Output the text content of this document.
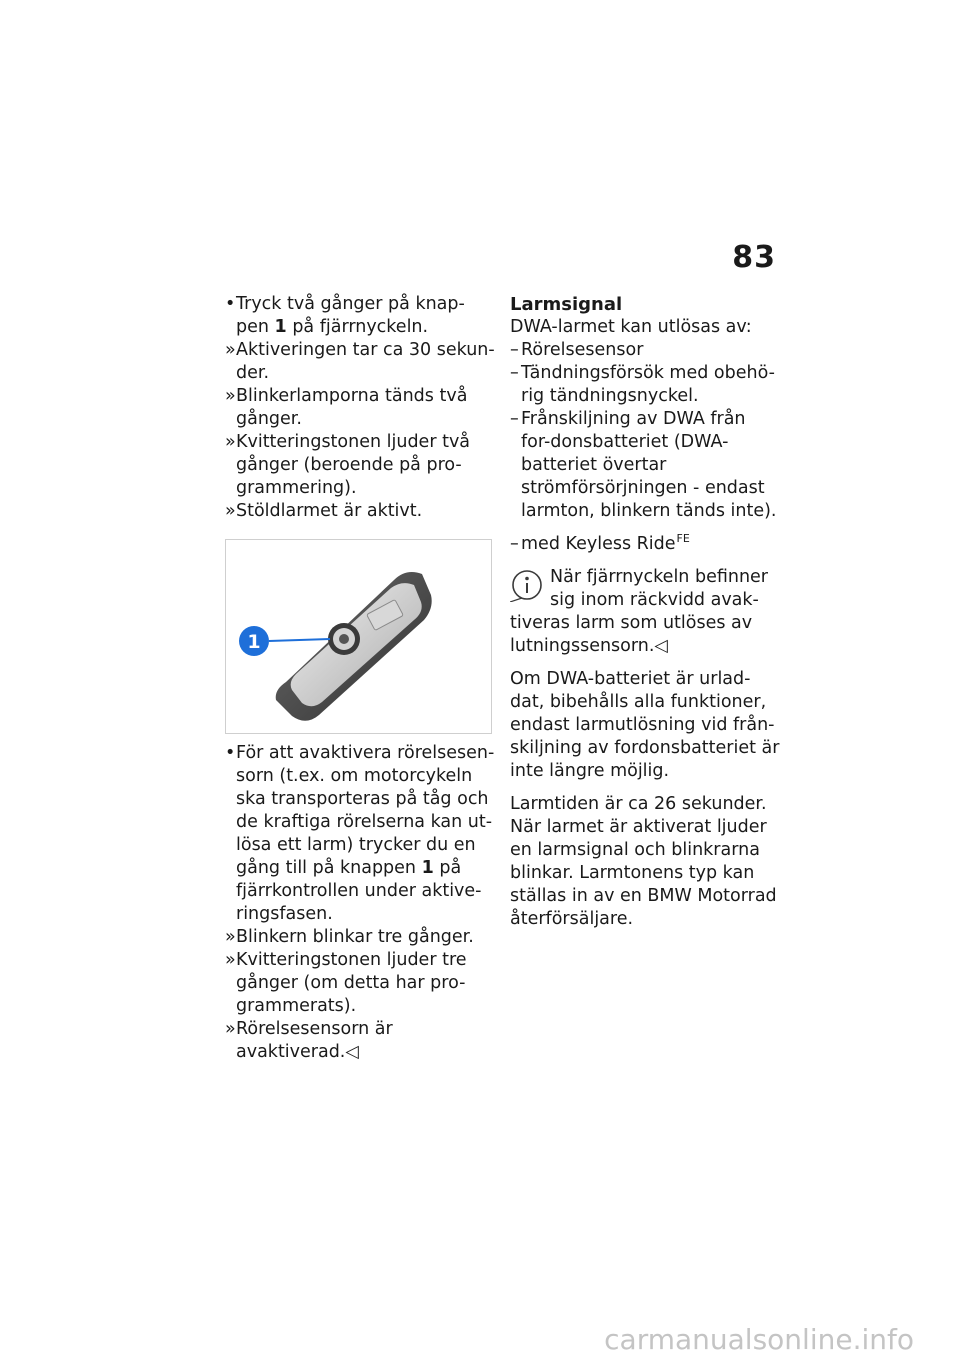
83
• Tryck två gånger på knap-
pen 1 på fjärrnyckeln.
» Aktiveringen tar ca 30 sekun-der.
» Blinkerlamporna tänds två gånger.
» Kvitteringstonen ljuder två gånger (beroende på pro-grammering).
» Stöldlarmet är aktivt.
1
• För att avaktivera rörelsesen-sorn (t.ex. om motorcykeln ska transporteras på tåg och de kraftiga rörelserna kan ut-lösa ett larm) trycker du en gång till på knappen 1 på fjärrkontrollen under aktive-ringsfasen.
» Blinkern blinkar tre gånger.
» Kvitteringstonen ljuder tre gånger (om detta har pro-grammerats).
» Rörelsesensorn är avaktiverad.◁
Larmsignal
DWA-larmet kan utlösas av:
– Rörelsesensor
– Tändningsförsök med obehö-rig tändningsnyckel.
– Frånskiljning av DWA från for-donsbatteriet (DWA-batteriet övertar strömförsörjningen - endast larmton, blinkern tänds inte).
– med Keyless Ride$^{FE}$
När fjärrnyckeln befinner sig inom räckvidd avak-
tiveras larm som utlöses av lutningssensorn.◁
Om DWA-batteriet är urlad-dat, bibehålls alla funktioner, endast larmutlösning vid från-skiljning av fordonsbatteriet är inte längre möjlig.
Larmtiden är ca 26 sekunder. När larmet är aktiverat ljuder en larmsignal och blinkrarna blinkar. Larmtonens typ kan ställas in av en BMW Motorrad återförsäljare.
carmanualsonline.info
